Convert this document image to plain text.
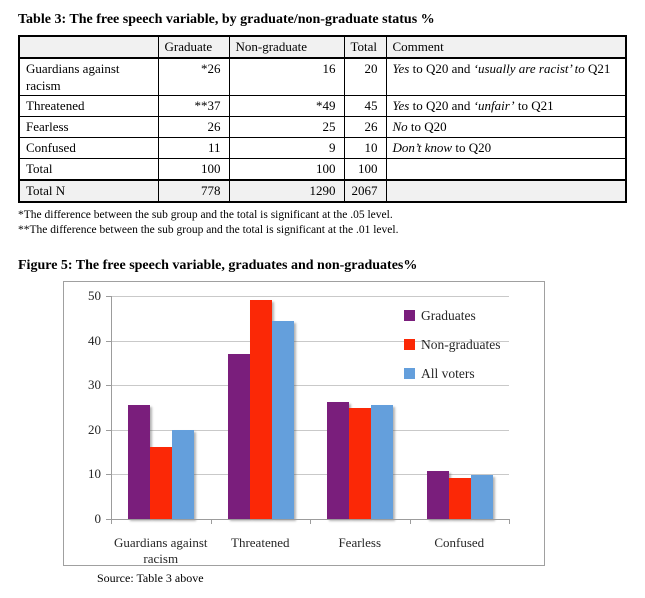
Table 3: The free speech variable, by graduate/non-graduate status %
	Graduate	Non-graduate	Total	Comment
Guardians against racism	*26	16	20	Yes to Q20 and ‘usually are racist’ to Q21
Threatened	**37	*49	45	Yes to Q20 and ‘unfair’ to Q21
Fearless	26	25	26	No to Q20
Confused	11	9	10	Don’t know to Q20
Total	100	100	100	
Total N	778	1290	2067	
*The difference between the sub group and the total is significant at the .05 level.
**The difference between the sub group and the total is significant at the .01 level.
Figure 5: The free speech variable, graduates and non-graduates%
0
10
20
30
40
50
Guardians against racism
Threatened	Fearless	Confused
Graduates
Non-graduates
All voters
Source: Table 3 above
